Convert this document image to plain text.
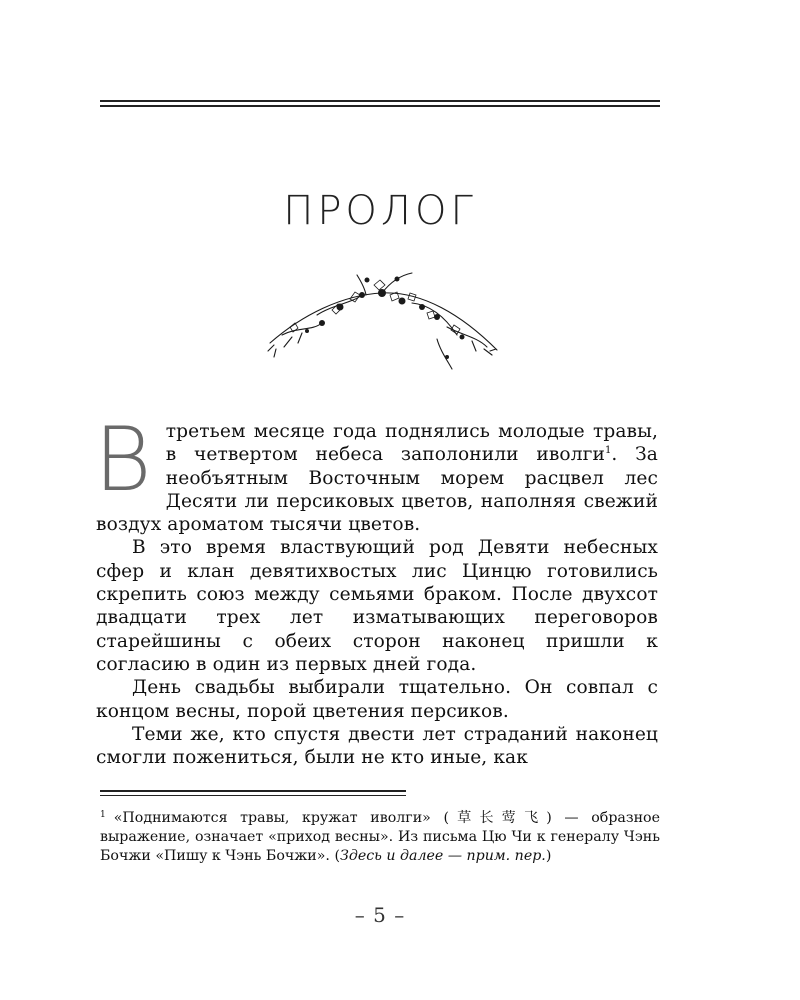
ПРОЛОГ

В третьем месяце года поднялись молодые травы, в четвертом небеса заполонили иволги$^1$. За необъятным Восточным морем расцвел лес Десяти ли персиковых цветов, наполняя свежий воздух ароматом тысячи цветов.

В это время властвующий род Девяти небесных сфер и клан девятихвостых лис Цинцю готовились скрепить союз между семьями браком. После двухсот двадцати трех лет изматывающих переговоров старейшины с обеих сторон наконец пришли к согласию в один из первых дней года.

День свадьбы выбирали тщательно. Он совпал с концом весны, порой цветения персиков.

Теми же, кто спустя двести лет страданий наконец смогли пожениться, были не кто иные, как

$^1$ «Поднимаются травы, кружат иволги» (草长莺飞) — образное выражение, означает «приход весны». Из письма Цю Чи к генералу Чэнь Бочжи «Пишу к Чэнь Бочжи». (Здесь и далее — прим. пер.)

– 5 –
